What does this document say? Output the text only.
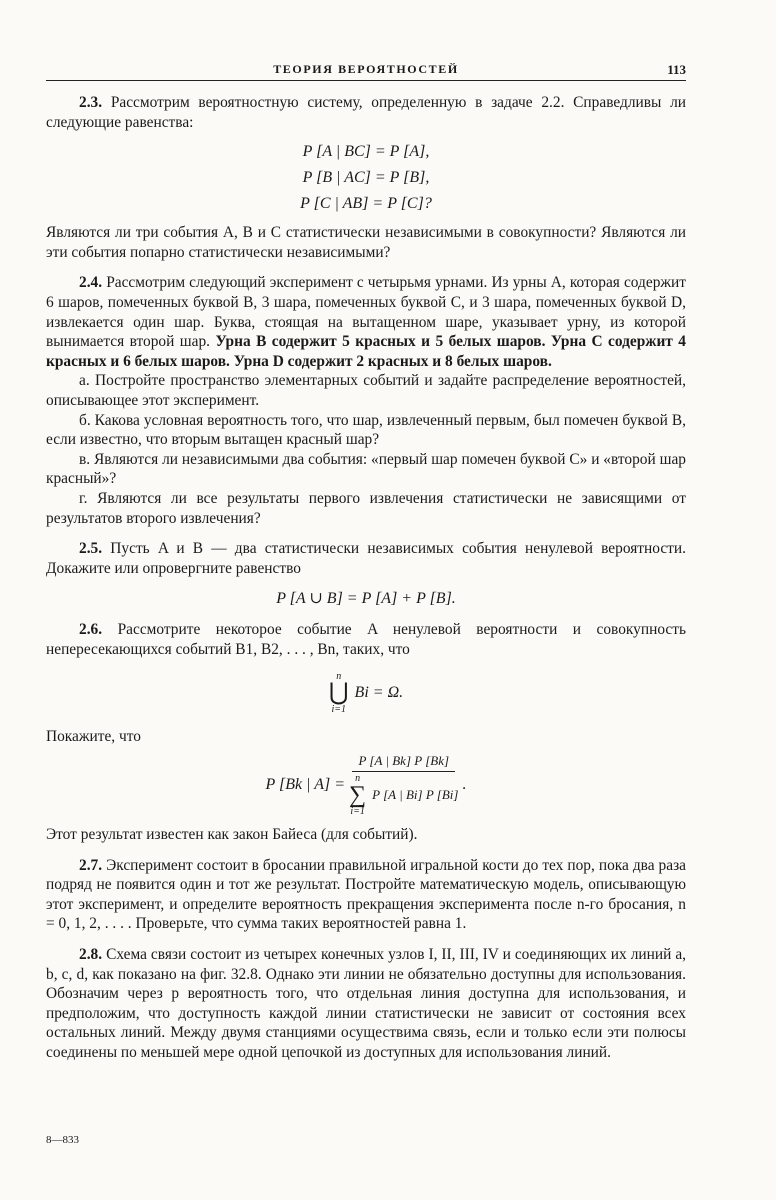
ТЕОРИЯ ВЕРОЯТНОСТЕЙ	113

2.3. Рассмотрим вероятностную систему, определенную в задаче 2.2. Справедливы ли следующие равенства:

P [A | BC] = P [A],
P [B | AC] = P [B],
P [C | AB] = P [C]?

Являются ли три события A, B и C статистически независимыми в совокупности? Являются ли эти события попарно статистически независимыми?

2.4. Рассмотрим следующий эксперимент с четырьмя урнами. Из урны A, которая содержит 6 шаров, помеченных буквой B, 3 шара, помеченных буквой C, и 3 шара, помеченных буквой D, извлекается один шар. Буква, стоящая на вытащенном шаре, указывает урну, из которой вынимается второй шар. Урна B содержит 5 красных и 5 белых шаров. Урна C содержит 4 красных и 6 белых шаров. Урна D содержит 2 красных и 8 белых шаров.

а. Постройте пространство элементарных событий и задайте распределение вероятностей, описывающее этот эксперимент.

б. Какова условная вероятность того, что шар, извлеченный первым, был помечен буквой B, если известно, что вторым вытащен красный шар?

в. Являются ли независимыми два события: «первый шар помечен буквой C» и «второй шар красный»?

г. Являются ли все результаты первого извлечения статистически не зависящими от результатов второго извлечения?

2.5. Пусть A и B — два статистически независимых события ненулевой вероятности. Докажите или опровергните равенство

P [A ∪ B] = P [A] + P [B].

2.6. Рассмотрите некоторое событие A ненулевой вероятности и совокупность непересекающихся событий B1, B2, . . . , Bn, таких, что

n
⋃
i=1
Bi = Ω.

Покажите, что

P [Bk | A] =
P [A | Bk] P [Bk]
n
∑
i=1
P [A | Bi] P [Bi]
.

Этот результат известен как закон Байеса (для событий).

2.7. Эксперимент состоит в бросании правильной игральной кости до тех пор, пока два раза подряд не появится один и тот же результат. Постройте математическую модель, описывающую этот эксперимент, и определите вероятность прекращения эксперимента после n-го бросания, n = 0, 1, 2, . . . . Проверьте, что сумма таких вероятностей равна 1.

2.8. Схема связи состоит из четырех конечных узлов I, II, III, IV и соединяющих их линий a, b, c, d, как показано на фиг. 32.8. Однако эти линии не обязательно доступны для использования. Обозначим через p вероятность того, что отдельная линия доступна для использования, и предположим, что доступность каждой линии статистически не зависит от состояния всех остальных линий. Между двумя станциями осуществима связь, если и только если эти полюсы соединены по меньшей мере одной цепочкой из доступных для использования линий.

8—833
